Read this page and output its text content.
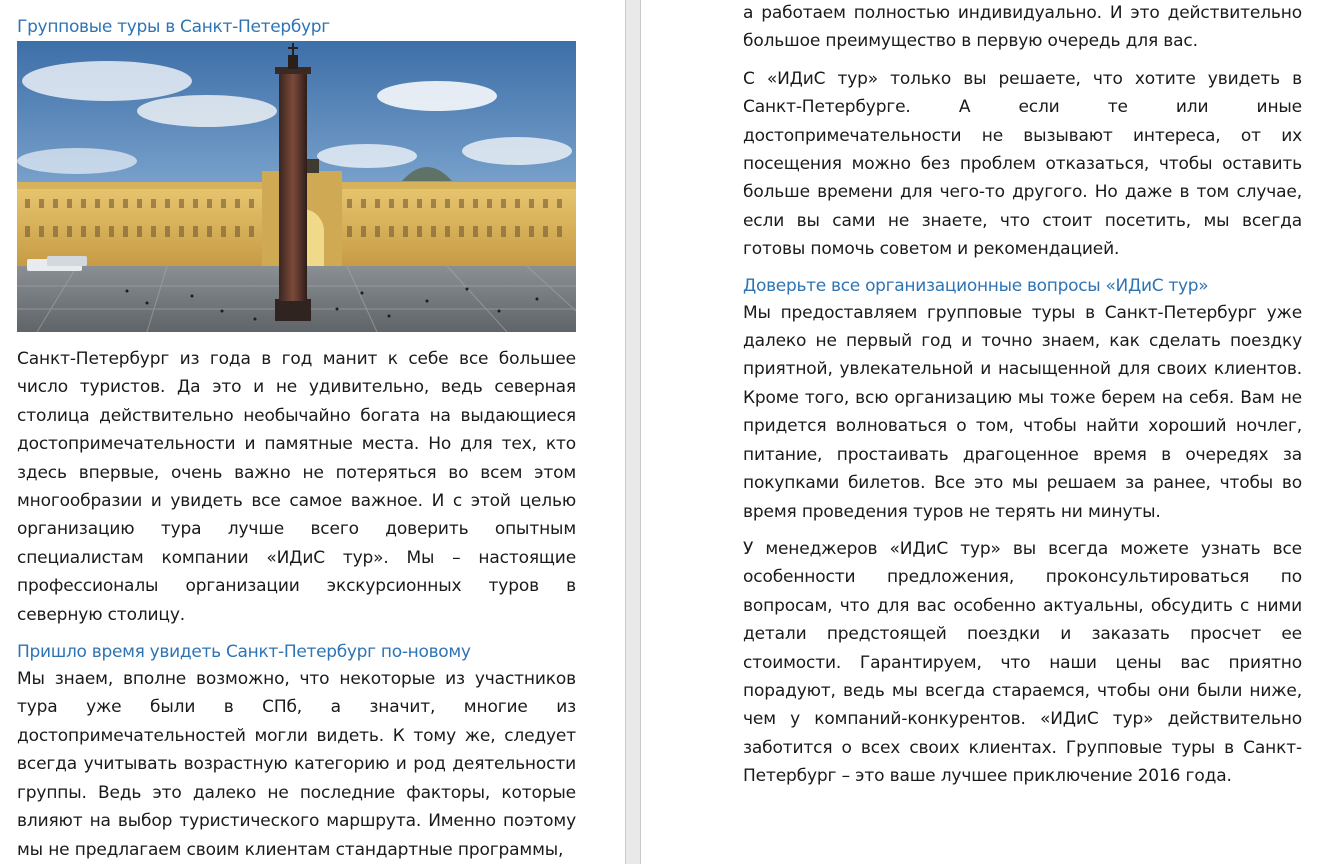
Групповые туры в Санкт-Петербург

Санкт-Петербург из года в год манит к себе все большее число туристов. Да это и не удивительно, ведь северная столица действительно необычайно богата на выдающиеся достопримечательности и памятные места. Но для тех, кто здесь впервые, очень важно не потеряться во всем этом многообразии и увидеть все самое важное. И с этой целью организацию тура лучше всего доверить опытным специалистам компании «ИДиС тур». Мы – настоящие профессионалы организации экскурсионных туров в северную столицу.

Пришло время увидеть Санкт-Петербург по-новому

Мы знаем, вполне возможно, что некоторые из участников тура уже были в СПб, а значит, многие из достопримечательностей могли видеть. К тому же, следует всегда учитывать возрастную категорию и род деятельности группы. Ведь это далеко не последние факторы, которые влияют на выбор туристического маршрута. Именно поэтому мы не предлагаем своим клиентам стандартные программы,

а работаем полностью индивидуально. И это действительно большое преимущество в первую очередь для вас.

С «ИДиС тур» только вы решаете, что хотите увидеть в Санкт-Петербурге. А если те или иные достопримечательности не вызывают интереса, от их посещения можно без проблем отказаться, чтобы оставить больше времени для чего-то другого. Но даже в том случае, если вы сами не знаете, что стоит посетить, мы всегда готовы помочь советом и рекомендацией.

Доверьте все организационные вопросы «ИДиС тур»

Мы предоставляем групповые туры в Санкт-Петербург уже далеко не первый год и точно знаем, как сделать поездку приятной, увлекательной и насыщенной для своих клиентов. Кроме того, всю организацию мы тоже берем на себя. Вам не придется волноваться о том, чтобы найти хороший ночлег, питание, простаивать драгоценное время в очередях за покупками билетов. Все это мы решаем за ранее, чтобы во время проведения туров не терять ни минуты.

У менеджеров «ИДиС тур» вы всегда можете узнать все особенности предложения, проконсультироваться по вопросам, что для вас особенно актуальны, обсудить с ними детали предстоящей поездки и заказать просчет ее стоимости. Гарантируем, что наши цены вас приятно порадуют, ведь мы всегда стараемся, чтобы они были ниже, чем у компаний-конкурентов. «ИДиС тур» действительно заботится о всех своих клиентах. Групповые туры в Санкт-Петербург – это ваше лучшее приключение 2016 года.
